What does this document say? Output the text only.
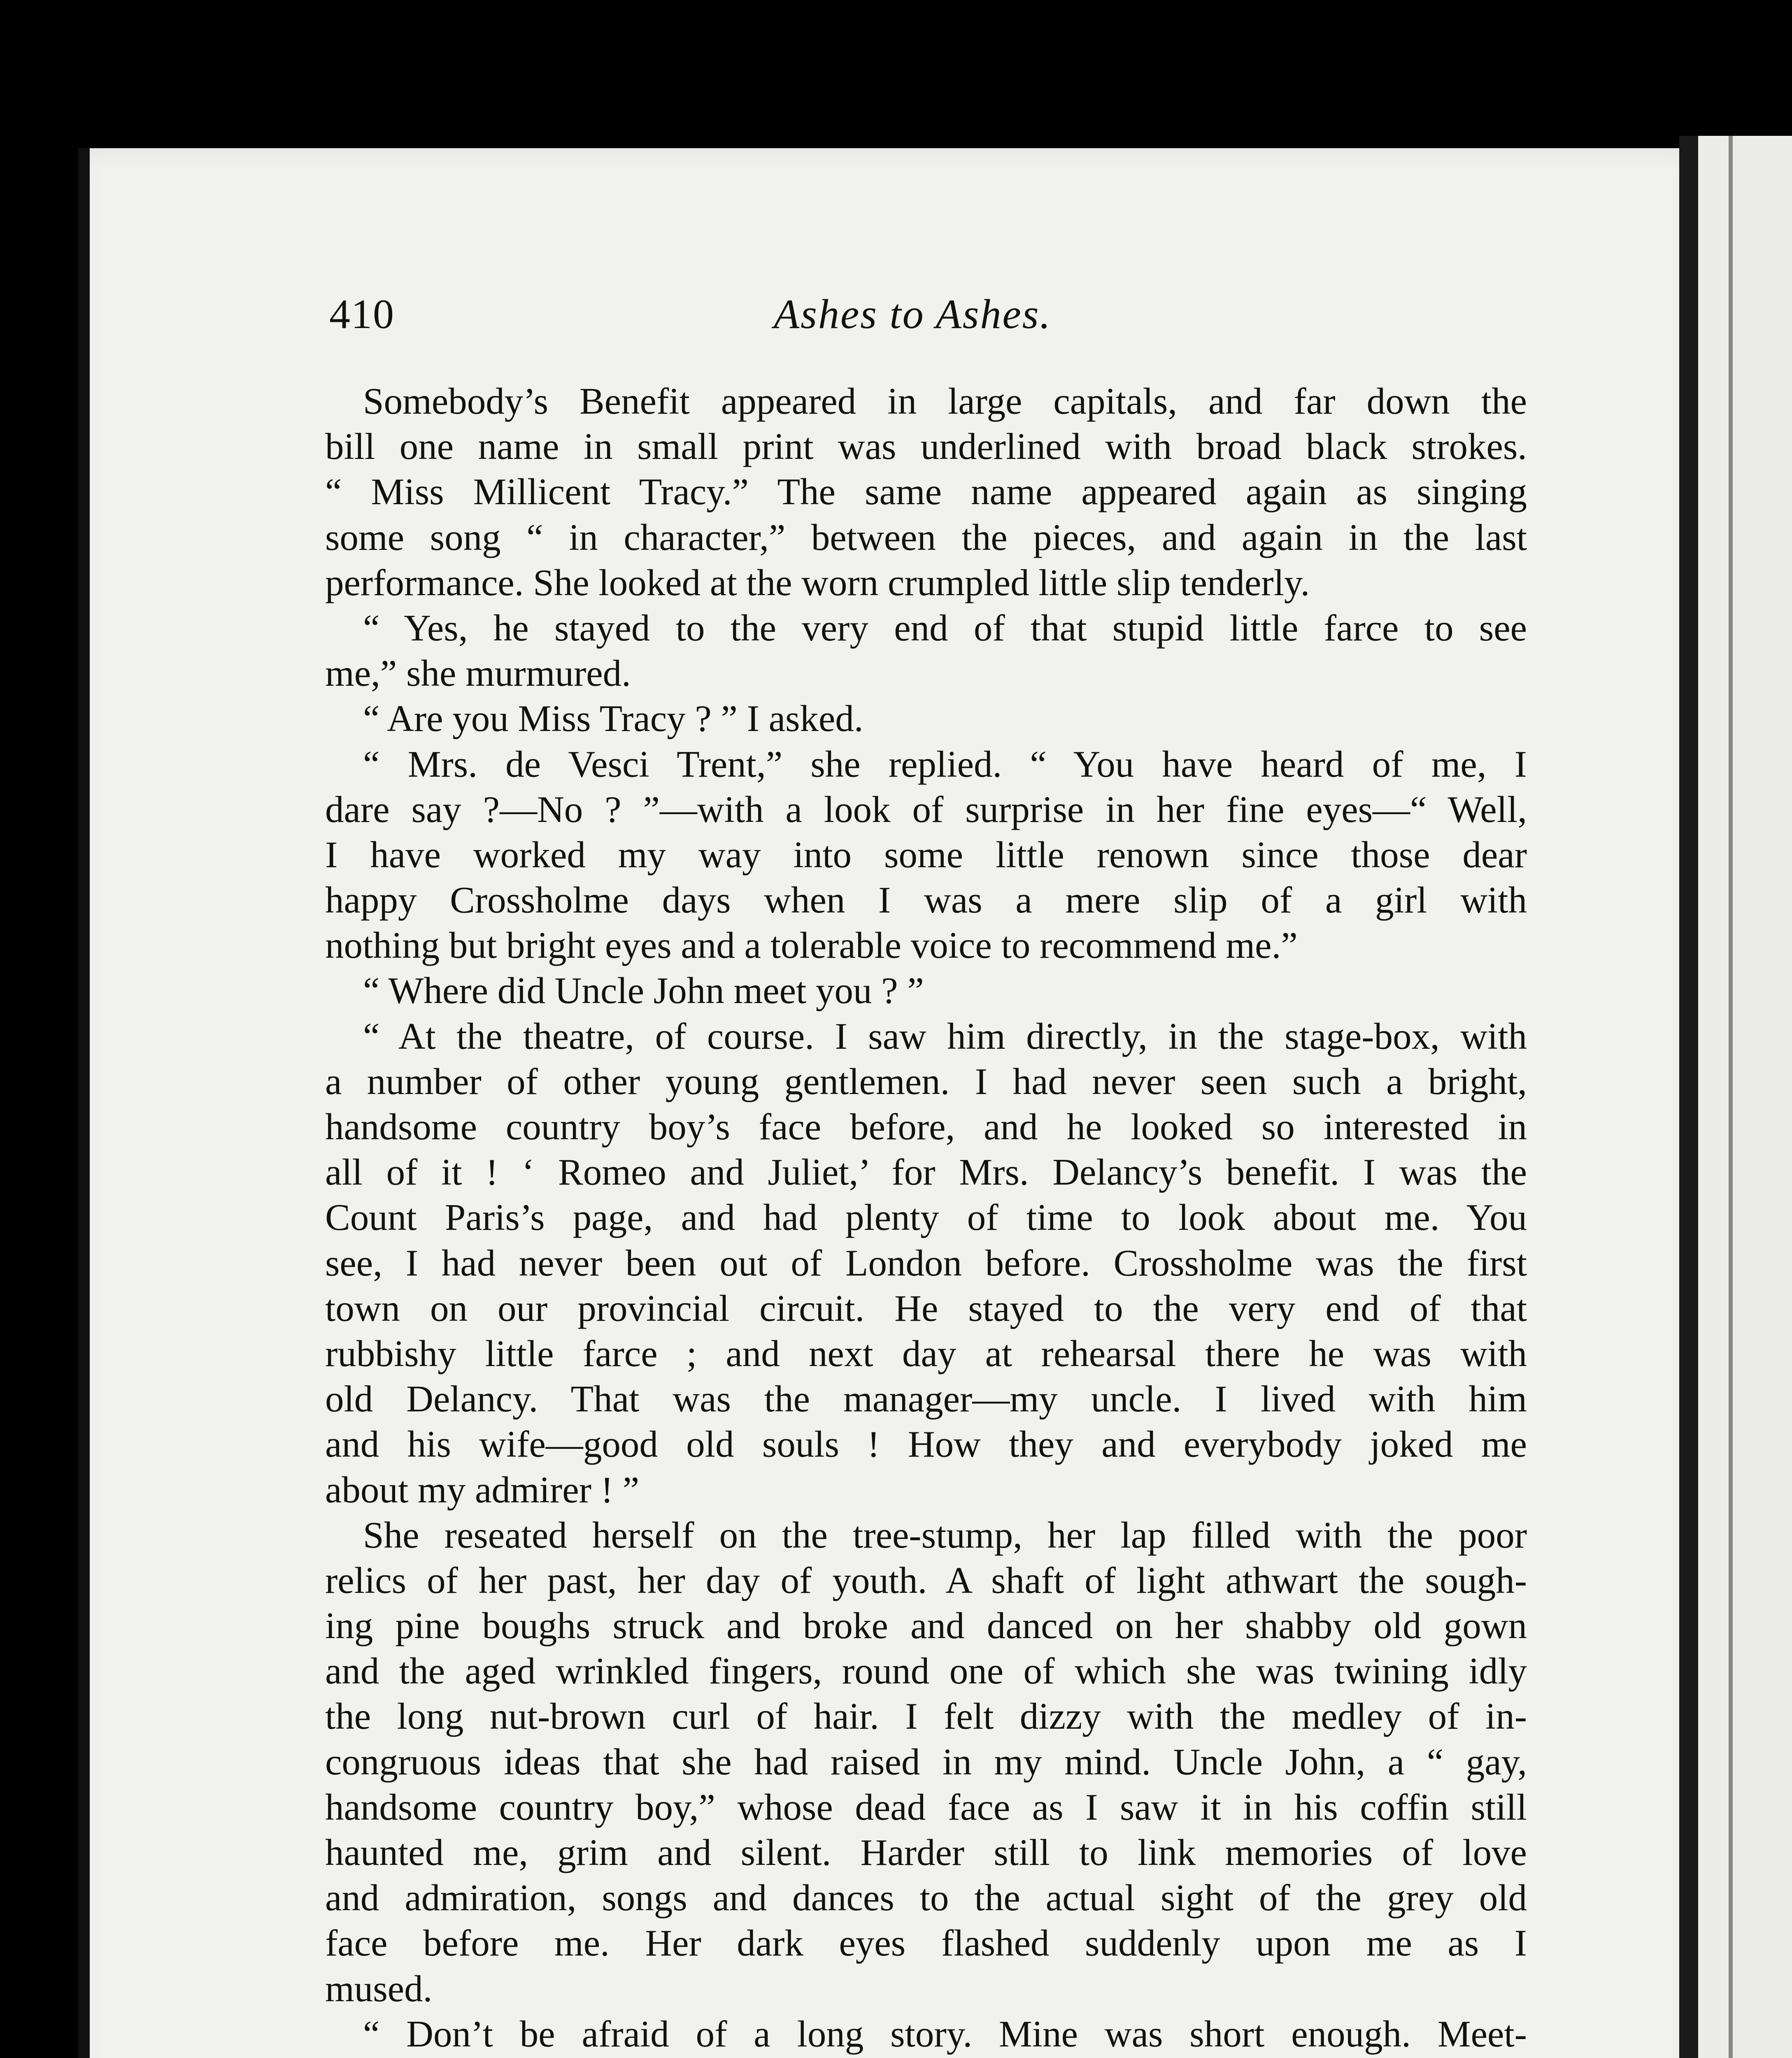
410	Ashes to Ashes.
Somebody’s Benefit appeared in large capitals, and far down the
bill one name in small print was underlined with broad black strokes.
“ Miss Millicent Tracy.” The same name appeared again as singing
some song “ in character,” between the pieces, and again in the last
performance. She looked at the worn crumpled little slip tenderly.
“ Yes, he stayed to the very end of that stupid little farce to see
me,” she murmured.
“ Are you Miss Tracy ? ” I asked.
“ Mrs. de Vesci Trent,” she replied. “ You have heard of me, I
dare say ?—No ? ”—with a look of surprise in her fine eyes—“ Well,
I have worked my way into some little renown since those dear
happy Crossholme days when I was a mere slip of a girl with
nothing but bright eyes and a tolerable voice to recommend me.”
“ Where did Uncle John meet you ? ”
“ At the theatre, of course. I saw him directly, in the stage-box, with
a number of other young gentlemen. I had never seen such a bright,
handsome country boy’s face before, and he looked so interested in
all of it ! ‘ Romeo and Juliet,’ for Mrs. Delancy’s benefit. I was the
Count Paris’s page, and had plenty of time to look about me. You
see, I had never been out of London before. Crossholme was the first
town on our provincial circuit. He stayed to the very end of that
rubbishy little farce ; and next day at rehearsal there he was with
old Delancy. That was the manager—my uncle. I lived with him
and his wife—good old souls ! How they and everybody joked me
about my admirer ! ”
She reseated herself on the tree-stump, her lap filled with the poor
relics of her past, her day of youth. A shaft of light athwart the sough-
ing pine boughs struck and broke and danced on her shabby old gown
and the aged wrinkled fingers, round one of which she was twining idly
the long nut-brown curl of hair. I felt dizzy with the medley of in-
congruous ideas that she had raised in my mind. Uncle John, a “ gay,
handsome country boy,” whose dead face as I saw it in his coffin still
haunted me, grim and silent. Harder still to link memories of love
and admiration, songs and dances to the actual sight of the grey old
face before me. Her dark eyes flashed suddenly upon me as I
mused.
“ Don’t be afraid of a long story. Mine was short enough. Meet-
